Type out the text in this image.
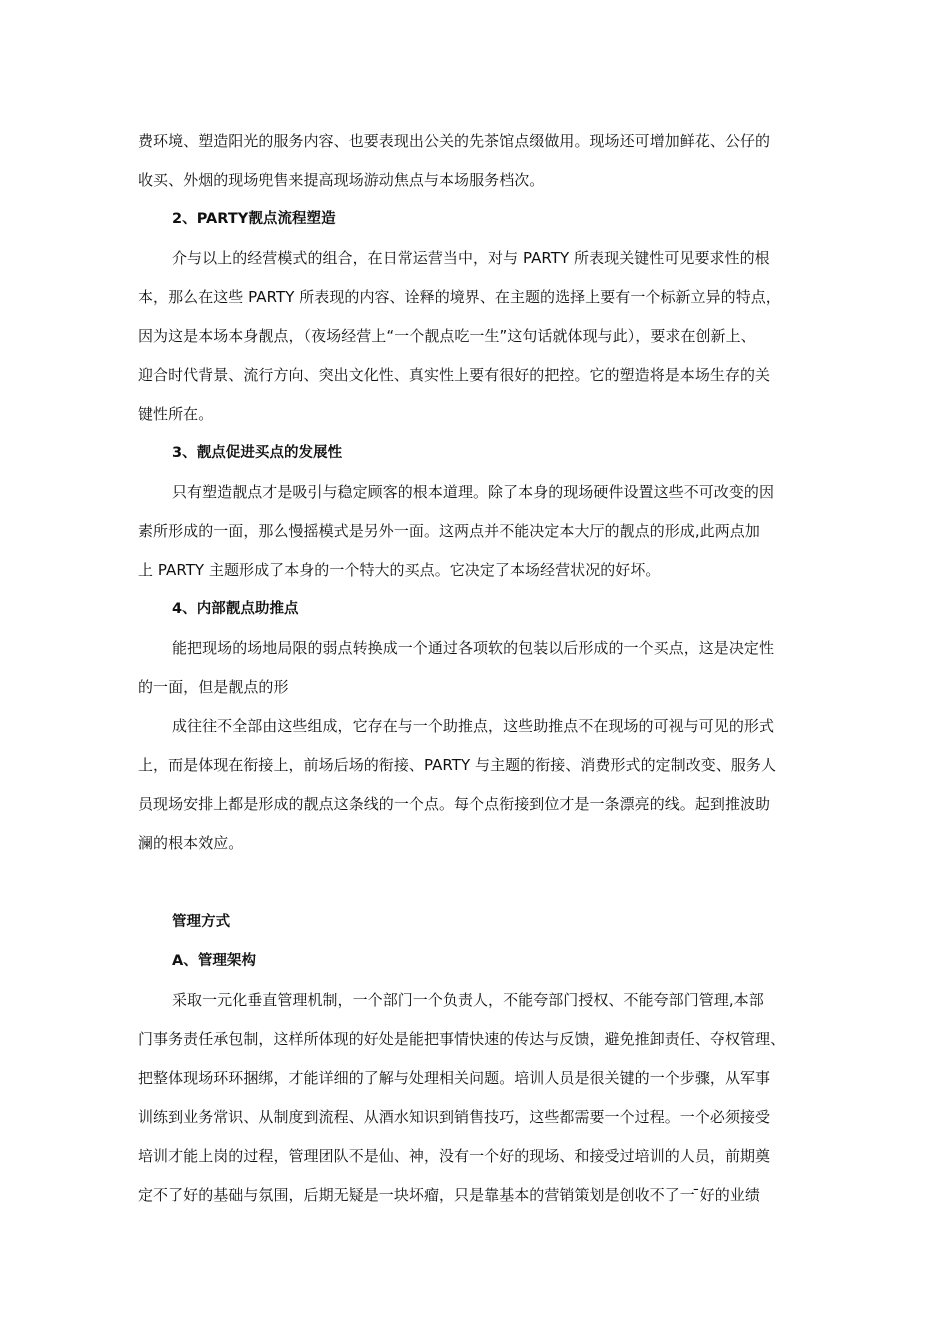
费环境、塑造阳光的服务内容、也要表现出公关的先茶馆点缀做用。现场还可增加鲜花、公仔的
收买、外烟的现场兜售来提高现场游动焦点与本场服务档次。
2、PARTY靓点流程塑造
介与以上的经营模式的组合，在日常运营当中，对与 PARTY 所表现关键性可见要求性的根
本，那么在这些 PARTY 所表现的内容、诠释的境界、在主题的选择上要有一个标新立异的特点，
因为这是本场本身靓点，（夜场经营上“一个靓点吃一生”这句话就体现与此），要求在创新上、
迎合时代背景、流行方向、突出文化性、真实性上要有很好的把控。它的塑造将是本场生存的关
键性所在。
3、靓点促进买点的发展性
只有塑造靓点才是吸引与稳定顾客的根本道理。除了本身的现场硬件设置这些不可改变的因
素所形成的一面，那么慢摇模式是另外一面。这两点并不能决定本大厅的靓点的形成,此两点加
上 PARTY 主题形成了本身的一个特大的买点。它决定了本场经营状况的好坏。
4、内部靓点助推点
能把现场的场地局限的弱点转换成一个通过各项软的包装以后形成的一个买点，这是决定性
的一面，但是靓点的形
成往往不全部由这些组成，它存在与一个助推点，这些助推点不在现场的可视与可见的形式
上，而是体现在衔接上，前场后场的衔接、PARTY 与主题的衔接、消费形式的定制改变、服务人
员现场安排上都是形成的靓点这条线的一个点。每个点衔接到位才是一条漂亮的线。起到推波助
澜的根本效应。
管理方式
A、管理架构
采取一元化垂直管理机制，一个部门一个负责人，不能夸部门授权、不能夸部门管理,本部
门事务责任承包制，这样所体现的好处是能把事情快速的传达与反馈，避免推卸责任、夺权管理、
把整体现场环环捆绑，才能详细的了解与处理相关问题。培训人员是很关键的一个步骤，从军事
训练到业务常识、从制度到流程、从酒水知识到销售技巧，这些都需要一个过程。一个必须接受
培训才能上岗的过程，管理团队不是仙、神，没有一个好的现场、和接受过培训的人员，前期奠
定不了好的基础与氛围，后期无疑是一块坏瘤，只是靠基本的营销策划是创收不了一 ̄好的业绩
